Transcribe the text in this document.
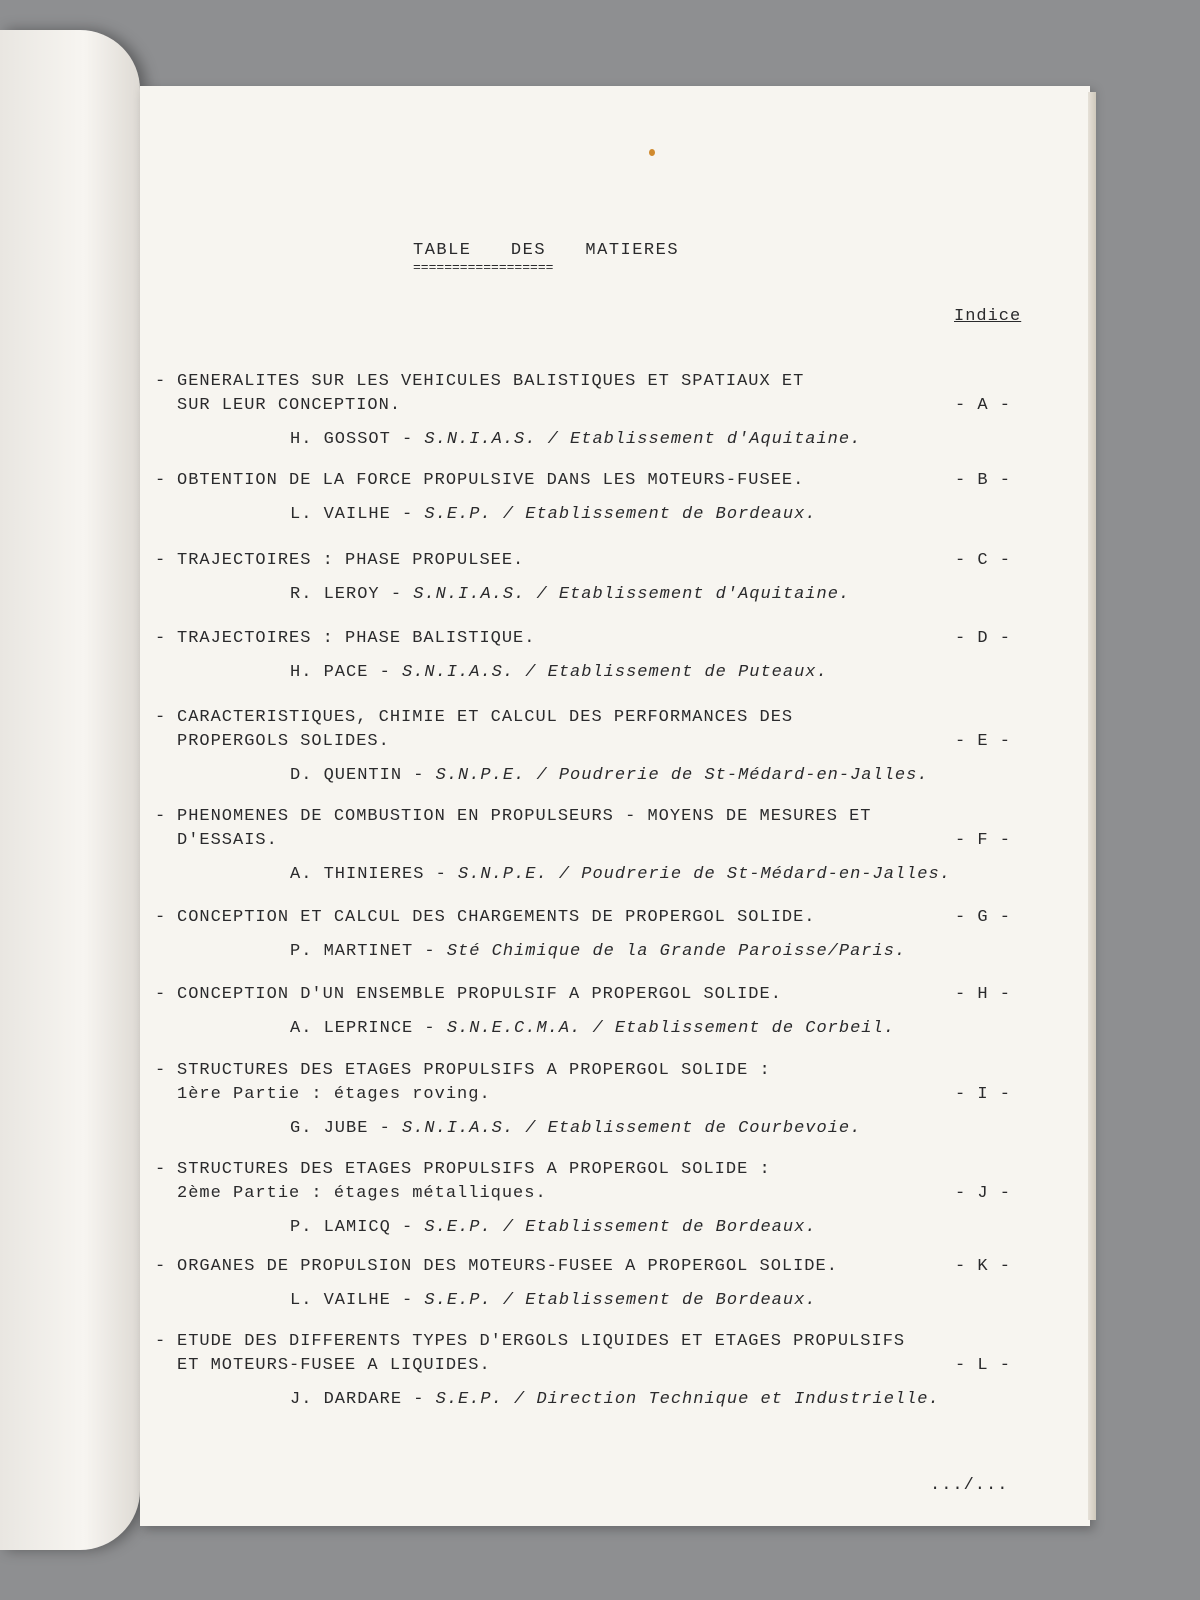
TABLE  DES  MATIERES
==================
Indice
- GENERALITES SUR LES VEHICULES BALISTIQUES ET SPATIAUX ET
SUR LEUR CONCEPTION.	- A -
H. GOSSOT - S.N.I.A.S. / Etablissement d'Aquitaine.
- OBTENTION DE LA FORCE PROPULSIVE DANS LES MOTEURS-FUSEE.	- B -
L. VAILHE - S.E.P. / Etablissement de Bordeaux.
- TRAJECTOIRES : PHASE PROPULSEE.	- C -
R. LEROY - S.N.I.A.S. / Etablissement d'Aquitaine.
- TRAJECTOIRES : PHASE BALISTIQUE.	- D -
H. PACE - S.N.I.A.S. / Etablissement de Puteaux.
- CARACTERISTIQUES, CHIMIE ET CALCUL DES PERFORMANCES DES
PROPERGOLS SOLIDES.	- E -
D. QUENTIN - S.N.P.E. / Poudrerie de St-Médard-en-Jalles.
- PHENOMENES DE COMBUSTION EN PROPULSEURS - MOYENS DE MESURES ET
D'ESSAIS.	- F -
A. THINIERES - S.N.P.E. / Poudrerie de St-Médard-en-Jalles.
- CONCEPTION ET CALCUL DES CHARGEMENTS DE PROPERGOL SOLIDE.	- G -
P. MARTINET - Sté Chimique de la Grande Paroisse/Paris.
- CONCEPTION D'UN ENSEMBLE PROPULSIF A PROPERGOL SOLIDE.	- H -
A. LEPRINCE - S.N.E.C.M.A. / Etablissement de Corbeil.
- STRUCTURES DES ETAGES PROPULSIFS A PROPERGOL SOLIDE :
1ère Partie : étages roving.	- I -
G. JUBE - S.N.I.A.S. / Etablissement de Courbevoie.
- STRUCTURES DES ETAGES PROPULSIFS A PROPERGOL SOLIDE :
2ème Partie : étages métalliques.	- J -
P. LAMICQ - S.E.P. / Etablissement de Bordeaux.
- ORGANES DE PROPULSION DES MOTEURS-FUSEE A PROPERGOL SOLIDE.	- K -
L. VAILHE - S.E.P. / Etablissement de Bordeaux.
- ETUDE DES DIFFERENTS TYPES D'ERGOLS LIQUIDES ET ETAGES PROPULSIFS
ET MOTEURS-FUSEE A LIQUIDES.	- L -
J. DARDARE - S.E.P. / Direction Technique et Industrielle.
.../...
